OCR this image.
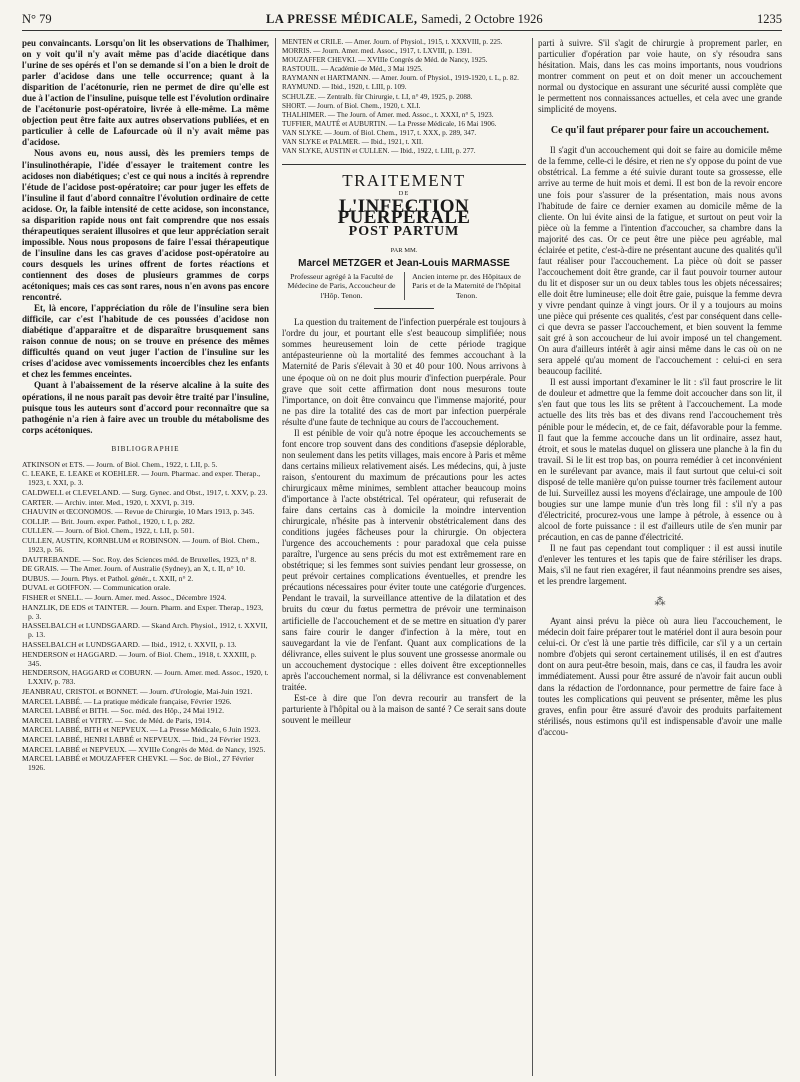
N° 79	LA PRESSE MÉDICALE, Samedi, 2 Octobre 1926	1235

peu convaincants. Lorsqu'on lit les observations de Thalhimer, on y voit qu'il n'y avait même pas d'acide diacétique dans l'urine de ses opérés et l'on se demande si l'on a bien le droit de parler d'acidose dans une telle occurrence; quant à la disparition de l'acétonurie, rien ne permet de dire qu'elle est due à l'action de l'insuline, puisque telle est l'évolution ordinaire de l'acétonurie post-opératoire, livrée à elle-même. La même objection peut être faite aux autres observations publiées, et en particulier à celle de Lafourcade où il n'y avait même pas d'acidose.

Nous avons eu, nous aussi, dès les premiers temps de l'insulinothérapie, l'idée d'essayer le traitement contre les acidoses non diabétiques; c'est ce qui nous a incités à reprendre l'étude de l'acidose post-opératoire; car pour juger les effets de l'insuline il faut d'abord connaître l'évolution ordinaire de cette acidose. Or, la faible intensité de cette acidose, son inconstance, sa disparition rapide nous ont fait comprendre que nos essais thérapeutiques seraient illusoires et que leur appréciation serait impossible. Nous nous proposons de faire l'essai thérapeutique de l'insuline dans les cas graves d'acidose post-opératoire au cours desquels les urines offrent de fortes réactions et contiennent des doses de plusieurs grammes de corps acétoniques; mais ces cas sont rares, nous n'en avons pas encore rencontré.

Et, là encore, l'appréciation du rôle de l'insuline sera bien difficile, car c'est l'habitude de ces poussées d'acidose non diabétique d'apparaître et de disparaître brusquement sans raison connue de nous; on se trouve en présence des mêmes difficultés quand on veut juger l'action de l'insuline sur les crises d'acidose avec vomissements incoercibles chez les enfants et chez les femmes enceintes.

Quant à l'abaissement de la réserve alcaline à la suite des opérations, il ne nous paraît pas devoir être traité par l'insuline, puisque tous les auteurs sont d'accord pour reconnaître que sa pathogénie n'a rien à faire avec un trouble du métabolisme des corps acétoniques.

BIBLIOGRAPHIE
ATKINSON et ETS. — Journ. of Biol. Chem., 1922, t. LII, p. 5.
C. LEAKE, E. LEAKE et KOEHLER. — Journ. Pharmac. and exper. Therap., 1923, t. XXI, p. 3.
CALDWELL et CLEVELAND. — Surg. Gynec. and Obst., 1917, t. XXV, p. 23.
CARTER. — Archiv. inter. Med., 1920, t. XXVI, p. 319.
CHAUVIN et ŒCONOMOS. — Revue de Chirurgie, 10 Mars 1913, p. 345.
COLLIP. — Brit. Journ. exper. Pathol., 1920, t. I, p. 282.
CULLEN. — Journ. of Biol. Chem., 1922, t. LII, p. 501.
CULLEN, AUSTIN, KORNBLUM et ROBINSON. — Journ. of Biol. Chem., 1923, p. 56.
DAUTREBANDE. — Soc. Roy. des Sciences méd. de Bruxelles, 1923, n° 8.
DE GRAIS. — The Amer. Journ. of Australie (Sydney), an X, t. II, n° 10.
DUBUS. — Journ. Phys. et Pathol. génér., t. XXII, n° 2.
DUVAL et GOIFFON. — Communication orale.
FISHER et SNELL. — Journ. Amer. med. Assoc., Décembre 1924.
HANZLIK, DE EDS et TAINTER. — Journ. Pharm. and Exper. Therap., 1923, p. 3.
HASSELBALCH et LUNDSGAARD. — Skand Arch. Physiol., 1912, t. XXVII, p. 13.
HASSELBALCH et LUNDSGAARD. — Ibid., 1912, t. XXVII, p. 13.
HENDERSON et HAGGARD. — Journ. of Biol. Chem., 1918, t. XXXIII, p. 345.
HENDERSON, HAGGARD et COBURN. — Journ. Amer. med. Assoc., 1920, t. LXXIV, p. 783.
JEANBRAU, CRISTOL et BONNET. — Journ. d'Urologie, Mai-Juin 1921.
MARCEL LABBÉ. — La pratique médicale française, Février 1926.
MARCEL LABBÉ et BITH. — Soc. méd. des Hôp., 24 Mai 1912.
MARCEL LABBÉ et VITRY. — Soc. de Méd. de Paris, 1914.
MARCEL LABBÉ, BITH et NEPVEUX. — La Presse Médicale, 6 Juin 1923.
MARCEL LABBÉ, HENRI LABBÉ et NEPVEUX. — Ibid., 24 Février 1923.
MARCEL LABBÉ et NEPVEUX. — XVIIIe Congrès de Méd. de Nancy, 1925.
MARCEL LABBÉ et MOUZAFFER CHEVKI. — Soc. de Biol., 27 Février 1926.
MENTEN et CRILE. — Amer. Journ. of Physiol., 1915, t. XXXVIII, p. 225.
MORRIS. — Journ. Amer. med. Assoc., 1917, t. LXVIII, p. 1391.
MOUZAFFER CHEVKI. — XVIIIe Congrès de Méd. de Nancy, 1925.
RASTOUIL. — Académie de Méd., 3 Mai 1925.
RAYMANN et HARTMANN. — Amer. Journ. of Physiol., 1919-1920, t. L, p. 82.
RAYMUND. — Ibid., 1920, t. LIII, p. 109.
SCHULZE. — Zentralb. für Chirurgie, t. LI, n° 49, 1925, p. 2088.
SHORT. — Journ. of Biol. Chem., 1920, t. XLI.
THALHIMER. — The Journ. of Amer. med. Assoc., t. XXXI, n° 5, 1923.
TUFFIER, MAUTÉ et AUBURTIN. — La Presse Médicale, 16 Mai 1906.
VAN SLYKE. — Journ. of Biol. Chem., 1917, t. XXX, p. 289, 347.
VAN SLYKE et PALMER. — Ibid., 1921, t. XII.
VAN SLYKE, AUSTIN et CULLEN. — Ibid., 1922, t. LIII, p. 277.
TRAITEMENT
DE
L'INFECTION PUERPÉRALE
POST PARTUM
PAR MM.
Marcel METZGER et Jean-Louis MARMASSE
Professeur agrégé à la Faculté de Médecine de Paris, Accoucheur de l'Hôp. Tenon.
Ancien interne pr. des Hôpitaux de Paris et de la Maternité de l'hôpital Tenon.

La question du traitement de l'infection puerpérale est toujours à l'ordre du jour, et pourtant elle s'est beaucoup simplifiée; nous sommes heureusement loin de cette période tragique antépasteurienne où la mortalité des femmes accouchant à la Maternité de Paris s'élevait à 30 et 40 pour 100. Nous arrivons à une époque où on ne doit plus mourir d'infection puerpérale. Pour grave que soit cette affirmation dont nous mesurons toute l'importance, on doit être convaincu que l'immense majorité, pour ne pas dire la totalité des cas de mort par infection puerpérale résulte d'une faute de technique au cours de l'accouchement.

Il est pénible de voir qu'à notre époque les accouchements se font encore trop souvent dans des conditions d'asepsie déplorable, non seulement dans les petits villages, mais encore à Paris et même dans certains milieux relativement aisés. Les médecins, qui, à juste raison, s'entourent du maximum de précautions pour les actes chirurgicaux même minimes, semblent attacher beaucoup moins d'importance à l'acte obstétrical. Tel opérateur, qui refuserait de faire dans certains cas à domicile la moindre intervention chirurgicale, n'hésite pas à intervenir obstétricalement dans des conditions jugées fâcheuses pour la chirurgie. On objectera l'urgence des accouchements : pour paradoxal que cela puisse paraître, l'urgence au sens précis du mot est extrêmement rare en obstétrique; si les femmes sont suivies pendant leur grossesse, on peut prévoir certaines complications éventuelles, et prendre les précautions nécessaires pour éviter toute une catégorie d'urgences. Pendant le travail, la surveillance attentive de la dilatation et des bruits du cœur du fœtus permettra de prévoir une terminaison artificielle de l'accouchement et de se mettre en situation d'y parer sans faire courir le danger d'infection à la mère, tout en sauvegardant la vie de l'enfant. Quant aux complications de la délivrance, elles suivent le plus souvent une grossesse anormale ou un accouchement dystocique : elles doivent être exceptionnelles après l'accouchement normal, si la délivrance est convenablement traitée.

Est-ce à dire que l'on devra recourir au transfert de la parturiente à l'hôpital ou à la maison de santé ? Ce serait sans doute souvent le meilleur

parti à suivre. S'il s'agit de chirurgie à proprement parler, en particulier d'opération par voie haute, on s'y résoudra sans hésitation. Mais, dans les cas moins importants, nous voudrions montrer comment on peut et on doit mener un accouchement normal ou dystocique en assurant une sécurité aussi complète que le permettent nos connaissances actuelles, et cela avec une grande simplicité de moyens.

Ce qu'il faut préparer pour faire un accouchement.

Il s'agit d'un accouchement qui doit se faire au domicile même de la femme, celle-ci le désire, et rien ne s'y oppose du point de vue obstétrical. La femme a été suivie durant toute sa grossesse, elle arrive au terme de huit mois et demi. Il est bon de la revoir encore une fois pour s'assurer de la présentation, mais nous avons l'habitude de faire ce dernier examen au domicile même de la cliente. On lui évite ainsi de la fatigue, et surtout on peut voir la pièce où la femme a l'intention d'accoucher, sa chambre dans la majorité des cas. Or ce peut être une pièce peu agréable, mal éclairée et petite, c'est-à-dire ne présentant aucune des qualités qu'il faut réaliser pour l'accouchement. La pièce où doit se passer l'accouchement doit être grande, car il faut pouvoir tourner autour du lit et disposer sur un ou deux tables tous les objets nécessaires; elle doit être lumineuse; elle doit être gaie, puisque la femme devra y vivre pendant quinze à vingt jours. Or il y a toujours au moins une pièce qui présente ces qualités, c'est par conséquent dans celle-ci que devra se passer l'accouchement, et bien souvent la femme sait gré à son accoucheur de lui avoir imposé un tel changement. On aura d'ailleurs intérêt à agir ainsi même dans le cas où on ne sera appelé qu'au moment de l'accouchement : celui-ci en sera beaucoup facilité.

Il est aussi important d'examiner le lit : s'il faut proscrire le lit de douleur et admettre que la femme doit accoucher dans son lit, il s'en faut que tous les lits se prêtent à l'accouchement. La mode actuelle des lits très bas et des divans rend l'accouchement très pénible pour le médecin, et, de ce fait, défavorable pour la femme. Il faut que la femme accouche dans un lit ordinaire, assez haut, étroit, et sous le matelas duquel on glissera une planche à la fin du travail. Si le lit est trop bas, on pourra remédier à cet inconvénient en le surélevant par avance, mais il faut surtout que celui-ci soit disposé de telle manière qu'on puisse tourner très facilement autour de lui. Surveillez aussi les moyens d'éclairage, une ampoule de 100 bougies sur une lampe munie d'un très long fil : s'il n'y a pas d'électricité, procurez-vous une lampe à pétrole, à essence ou à alcool de forte puissance : il est d'ailleurs utile de s'en munir par précaution, en cas de panne d'électricité.

Il ne faut pas cependant tout compliquer : il est aussi inutile d'enlever les tentures et les tapis que de faire stériliser les draps. Mais, s'il ne faut rien exagérer, il faut néanmoins prendre ses aises, et les prendre largement.

⁂

Ayant ainsi prévu la pièce où aura lieu l'accouchement, le médecin doit faire préparer tout le matériel dont il aura besoin pour celui-ci. Or c'est là une partie très difficile, car s'il y a un certain nombre d'objets qui seront certainement utilisés, il en est d'autres dont on aura peut-être besoin, mais, dans ce cas, il faudra les avoir immédiatement. Aussi pour être assuré de n'avoir fait aucun oubli dans la rédaction de l'ordonnance, pour permettre de faire face à toutes les complications qui peuvent se présenter, même les plus graves, enfin pour être assuré d'avoir des produits parfaitement stérilisés, nous estimons qu'il est indispensable d'avoir une malle d'accou-
